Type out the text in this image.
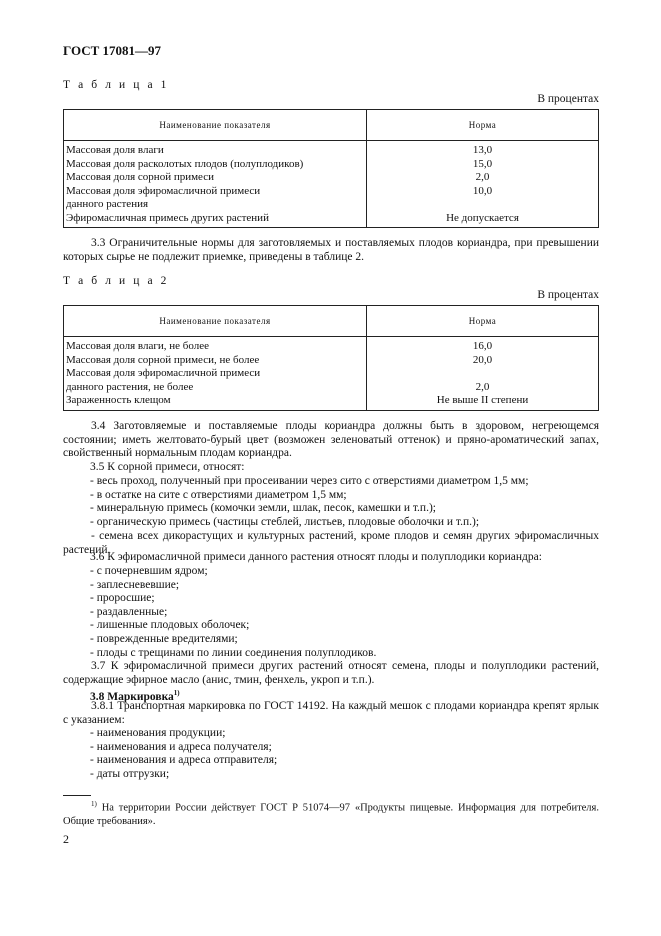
ГОСТ 17081—97
Т а б л и ц а 1
В процентах
Наименование показателя	Норма
Массовая доля влаги	13,0
Массовая доля расколотых плодов (полуплодиков)	15,0
Массовая доля сорной примеси	2,0
Массовая доля эфиромасличной примеси	10,0
данного растения	
Эфиромасличная примесь других растений	Не допускается
3.3 Ограничительные нормы для заготовляемых и поставляемых плодов кориандра, при превышении которых сырье не подлежит приемке, приведены в таблице 2.
Т а б л и ц а 2
В процентах
Наименование показателя	Норма
Массовая доля влаги, не более	16,0
Массовая доля сорной примеси, не более	20,0
Массовая доля эфиромасличной примеси	
данного растения, не более	2,0
Зараженность клещом	Не выше II степени
3.4 Заготовляемые и поставляемые плоды кориандра должны быть в здоровом, негреющемся состоянии; иметь желтовато-бурый цвет (возможен зеленоватый оттенок) и пряно-ароматический запах, свойственный нормальным плодам кориандра.
3.5 К сорной примеси, относят:
- весь проход, полученный при просеивании через сито с отверстиями диаметром 1,5 мм;
- в остатке на сите с отверстиями диаметром 1,5 мм;
- минеральную примесь (комочки земли, шлак, песок, камешки и т.п.);
- органическую примесь (частицы стеблей, листьев, плодовые оболочки и т.п.);
- семена всех дикорастущих и культурных растений, кроме плодов и семян других эфиромасличных растений.
3.6 К эфиромасличной примеси данного растения относят плоды и полуплодики кориандра:
- с почерневшим ядром;
- заплесневевшие;
- проросшие;
- раздавленные;
- лишенные плодовых оболочек;
- поврежденные вредителями;
- плоды с трещинами по линии соединения полуплодиков.
3.7 К эфиромасличной примеси других растений относят семена, плоды и полуплодики растений, содержащие эфирное масло (анис, тмин, фенхель, укроп и т.п.).
3.8 Маркировка$^{1)}$
3.8.1 Транспортная маркировка по ГОСТ 14192. На каждый мешок с плодами кориандра крепят ярлык с указанием:
- наименования продукции;
- наименования и адреса получателя;
- наименования и адреса отправителя;
- даты отгрузки;
$^{1)}$ На территории России действует ГОСТ Р 51074—97 «Продукты пищевые. Информация для потребителя. Общие требования».
2
